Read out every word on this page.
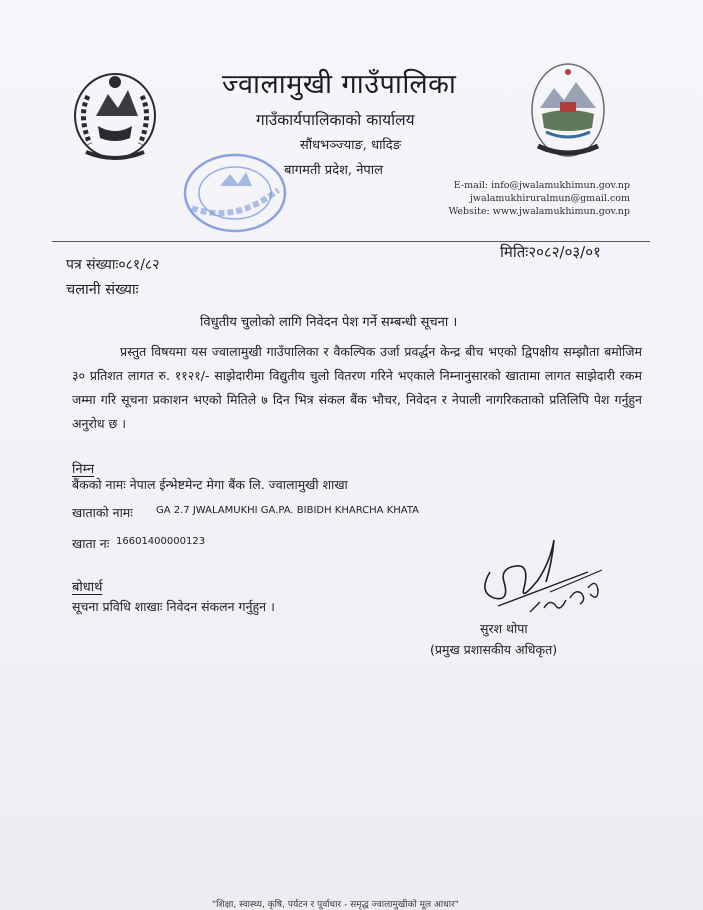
ज्वालामुखी गाउँपालिका
गाउँकार्यपालिकाको कार्यालय
सौंधभञ्ज्याङ, धादिङ
बागमती प्रदेश, नेपाल
E-mail: info@jwalamukhimun.gov.np
jwalamukhiruralmun@gmail.com
Website: www.jwalamukhimun.gov.np
पत्र संख्याः०८१/८२
मितिः२०८२/०३/०१
चलानी संख्याः
विधुतीय चुलोको लागि निवेदन पेश गर्ने सम्बन्धी सूचना ।
प्रस्तुत विषयमा यस ज्वालामुखी गाउँपालिका र वैकल्पिक उर्जा प्रवर्द्धन केन्द्र बीच भएको द्विपक्षीय सम्झौता बमोजिम ३० प्रतिशत लागत रु. ११२१/- साझेदारीमा विद्युतीय चुलो वितरण गरिने भएकाले निम्नानुसारको खातामा लागत साझेदारी रकम जम्मा गरि सूचना प्रकाशन भएको मितिले ७ दिन भित्र संकल बैंक भौचर, निवेदन र नेपाली नागरिकताको प्रतिलिपि पेश गर्नुहुन अनुरोध छ ।
निम्न
बैंकको नामः नेपाल ईन्भेष्टमेन्ट मेगा बैंक लि. ज्वालामुखी शाखा
खाताको नामः GA 2.7 JWALAMUKHI GA.PA. BIBIDH KHARCHA KHATA
खाता नः 16601400000123
बोधार्थ
सूचना प्रविधि शाखाः निवेदन संकलन गर्नुहुन ।
सुरश थोपा
(प्रमुख प्रशासकीय अधिकृत)
"शिक्षा, स्वास्थ्य, कृषि, पर्यटन र पूर्वाधार - समृद्ध ज्वालामुखीको मूल आधार"
